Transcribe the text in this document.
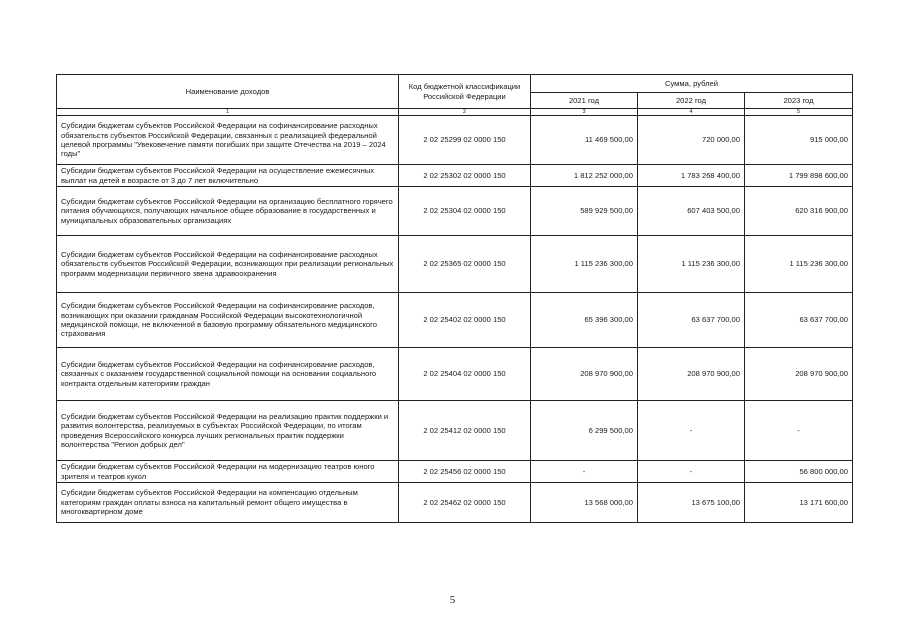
Наименование доходов	Код бюджетной классификации Российской Федерации	Сумма, рублей		
		2021 год	2022 год	2023 год
1	2	3	4	5
Субсидии бюджетам субъектов Российской Федерации на софинансирование расходных обязательств субъектов Российской Федерации, связанных с реализацией федеральной целевой программы "Увековечение памяти погибших при защите Отечества на 2019 – 2024 годы"	2 02 25299 02 0000 150	11 469 500,00	720 000,00	915 000,00
Субсидии бюджетам субъектов Российской Федерации на осуществление ежемесячных выплат на детей в возрасте от 3 до 7 лет включительно	2 02 25302 02 0000 150	1 812 252 000,00	1 783 268 400,00	1 799 898 600,00
Субсидии бюджетам субъектов Российской Федерации на организацию бесплатного горячего питания обучающихся, получающих начальное общее образование в государственных и муниципальных образовательных организациях	2 02 25304 02 0000 150	589 929 500,00	607 403 500,00	620 316 900,00
Субсидии бюджетам субъектов Российской Федерации на софинансирование расходных обязательств субъектов Российской Федерации, возникающих при реализации региональных программ модернизации первичного звена здравоохранения	2 02 25365 02 0000 150	1 115 236 300,00	1 115 236 300,00	1 115 236 300,00
Субсидии бюджетам субъектов Российской Федерации на софинансирование расходов, возникающих при оказании гражданам Российской Федерации высокотехнологичной медицинской помощи, не включенной в базовую программу обязательного медицинского страхования	2 02 25402 02 0000 150	65 396 300,00	63 637 700,00	63 637 700,00
Субсидии бюджетам субъектов Российской Федерации на софинансирование расходов, связанных с оказанием государственной социальной помощи на основании социального контракта отдельным категориям граждан	2 02 25404 02 0000 150	208 970 900,00	208 970 900,00	208 970 900,00
Субсидии бюджетам субъектов Российской Федерации на реализацию практик поддержки и развития волонтерства, реализуемых в субъектах Российской Федерации, по итогам проведения Всероссийского конкурса лучших региональных практик поддержки волонтерства "Регион добрых дел"	2 02 25412 02 0000 150	6 299 500,00	-	-
Субсидии бюджетам субъектов Российской Федерации на модернизацию театров юного зрителя и театров кукол	2 02 25456 02 0000 150	-	-	56 800 000,00
Субсидии бюджетам субъектов Российской Федерации на компенсацию отдельным категориям граждан оплаты взноса на капитальный ремонт общего имущества в многоквартирном доме	2 02 25462 02 0000 150	13 568 000,00	13 675 100,00	13 171 600,00
5
